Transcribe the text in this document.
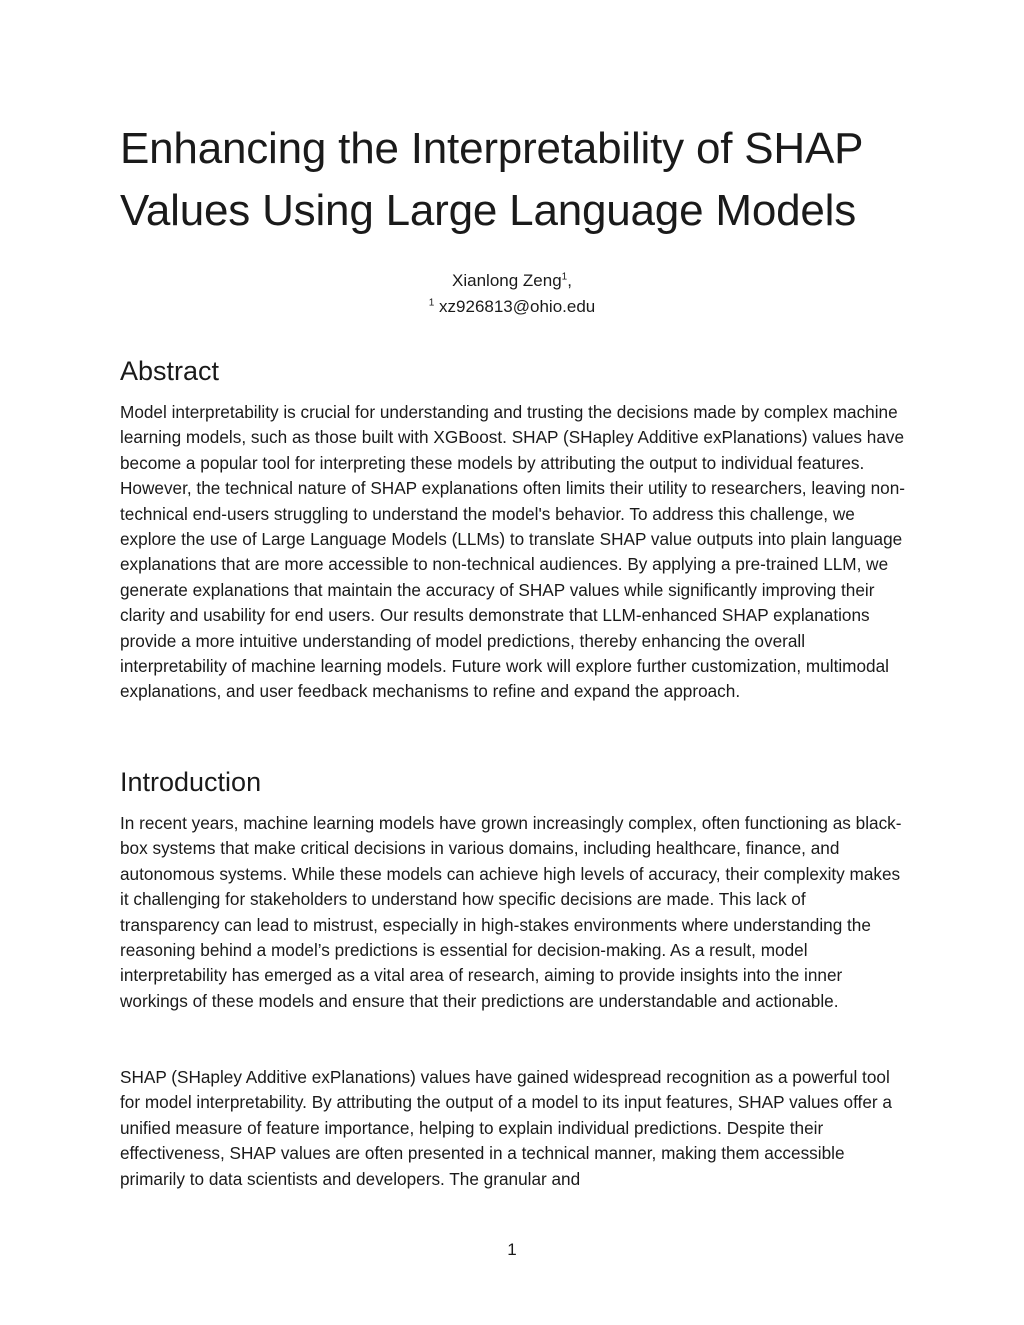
Enhancing the Interpretability of SHAP Values Using Large Language Models
Xianlong Zeng$^1$,
$^1$ xz926813@ohio.edu
Abstract

Model interpretability is crucial for understanding and trusting the decisions made by complex machine learning models, such as those built with XGBoost. SHAP (SHapley Additive exPlanations) values have become a popular tool for interpreting these models by attributing the output to individual features. However, the technical nature of SHAP explanations often limits their utility to researchers, leaving non-technical end-users struggling to understand the model's behavior. To address this challenge, we explore the use of Large Language Models (LLMs) to translate SHAP value outputs into plain language explanations that are more accessible to non-technical audiences. By applying a pre-trained LLM, we generate explanations that maintain the accuracy of SHAP values while significantly improving their clarity and usability for end users. Our results demonstrate that LLM-enhanced SHAP explanations provide a more intuitive understanding of model predictions, thereby enhancing the overall interpretability of machine learning models. Future work will explore further customization, multimodal explanations, and user feedback mechanisms to refine and expand the approach.

Introduction

In recent years, machine learning models have grown increasingly complex, often functioning as black-box systems that make critical decisions in various domains, including healthcare, finance, and autonomous systems. While these models can achieve high levels of accuracy, their complexity makes it challenging for stakeholders to understand how specific decisions are made. This lack of transparency can lead to mistrust, especially in high-stakes environments where understanding the reasoning behind a model’s predictions is essential for decision-making. As a result, model interpretability has emerged as a vital area of research, aiming to provide insights into the inner workings of these models and ensure that their predictions are understandable and actionable.

SHAP (SHapley Additive exPlanations) values have gained widespread recognition as a powerful tool for model interpretability. By attributing the output of a model to its input features, SHAP values offer a unified measure of feature importance, helping to explain individual predictions. Despite their effectiveness, SHAP values are often presented in a technical manner, making them accessible primarily to data scientists and developers. The granular and

1
